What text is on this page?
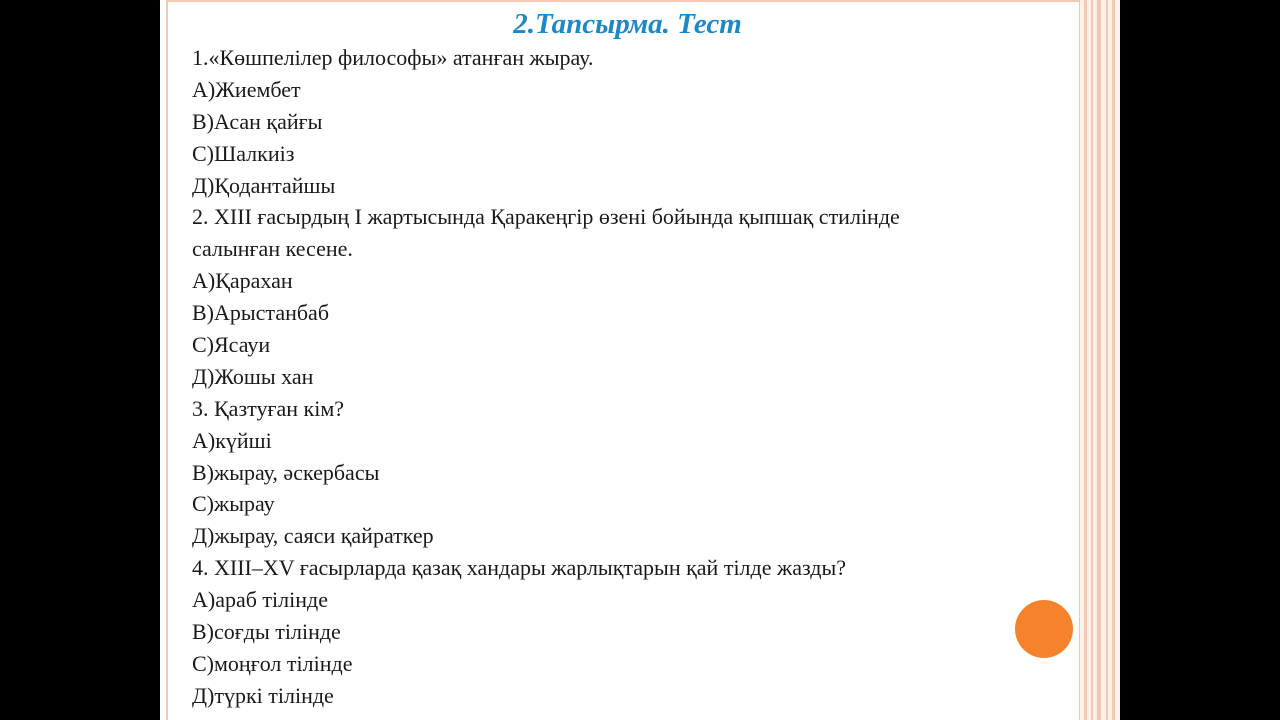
2.Тапсырма. Тест
1.«Көшпелілер философы» атанған жырау.
А)Жиембет
В)Асан қайғы
С)Шалкиіз
Д)Қодантайшы
2. ХІІІ ғасырдың І жартысында Қаракеңгір өзені бойында қыпшақ стилінде
салынған кесене.
А)Қарахан
В)Арыстанбаб
С)Ясауи
Д)Жошы хан
3. Қазтуған кім?
А)күйші
В)жырау, әскербасы
С)жырау
Д)жырау, саяси қайраткер
4. ХІІІ–ХV ғасырларда қазақ хандары жарлықтарын қай тілде жазды?
А)араб тілінде
В)соғды тілінде
С)моңғол тілінде
Д)түркі тілінде
